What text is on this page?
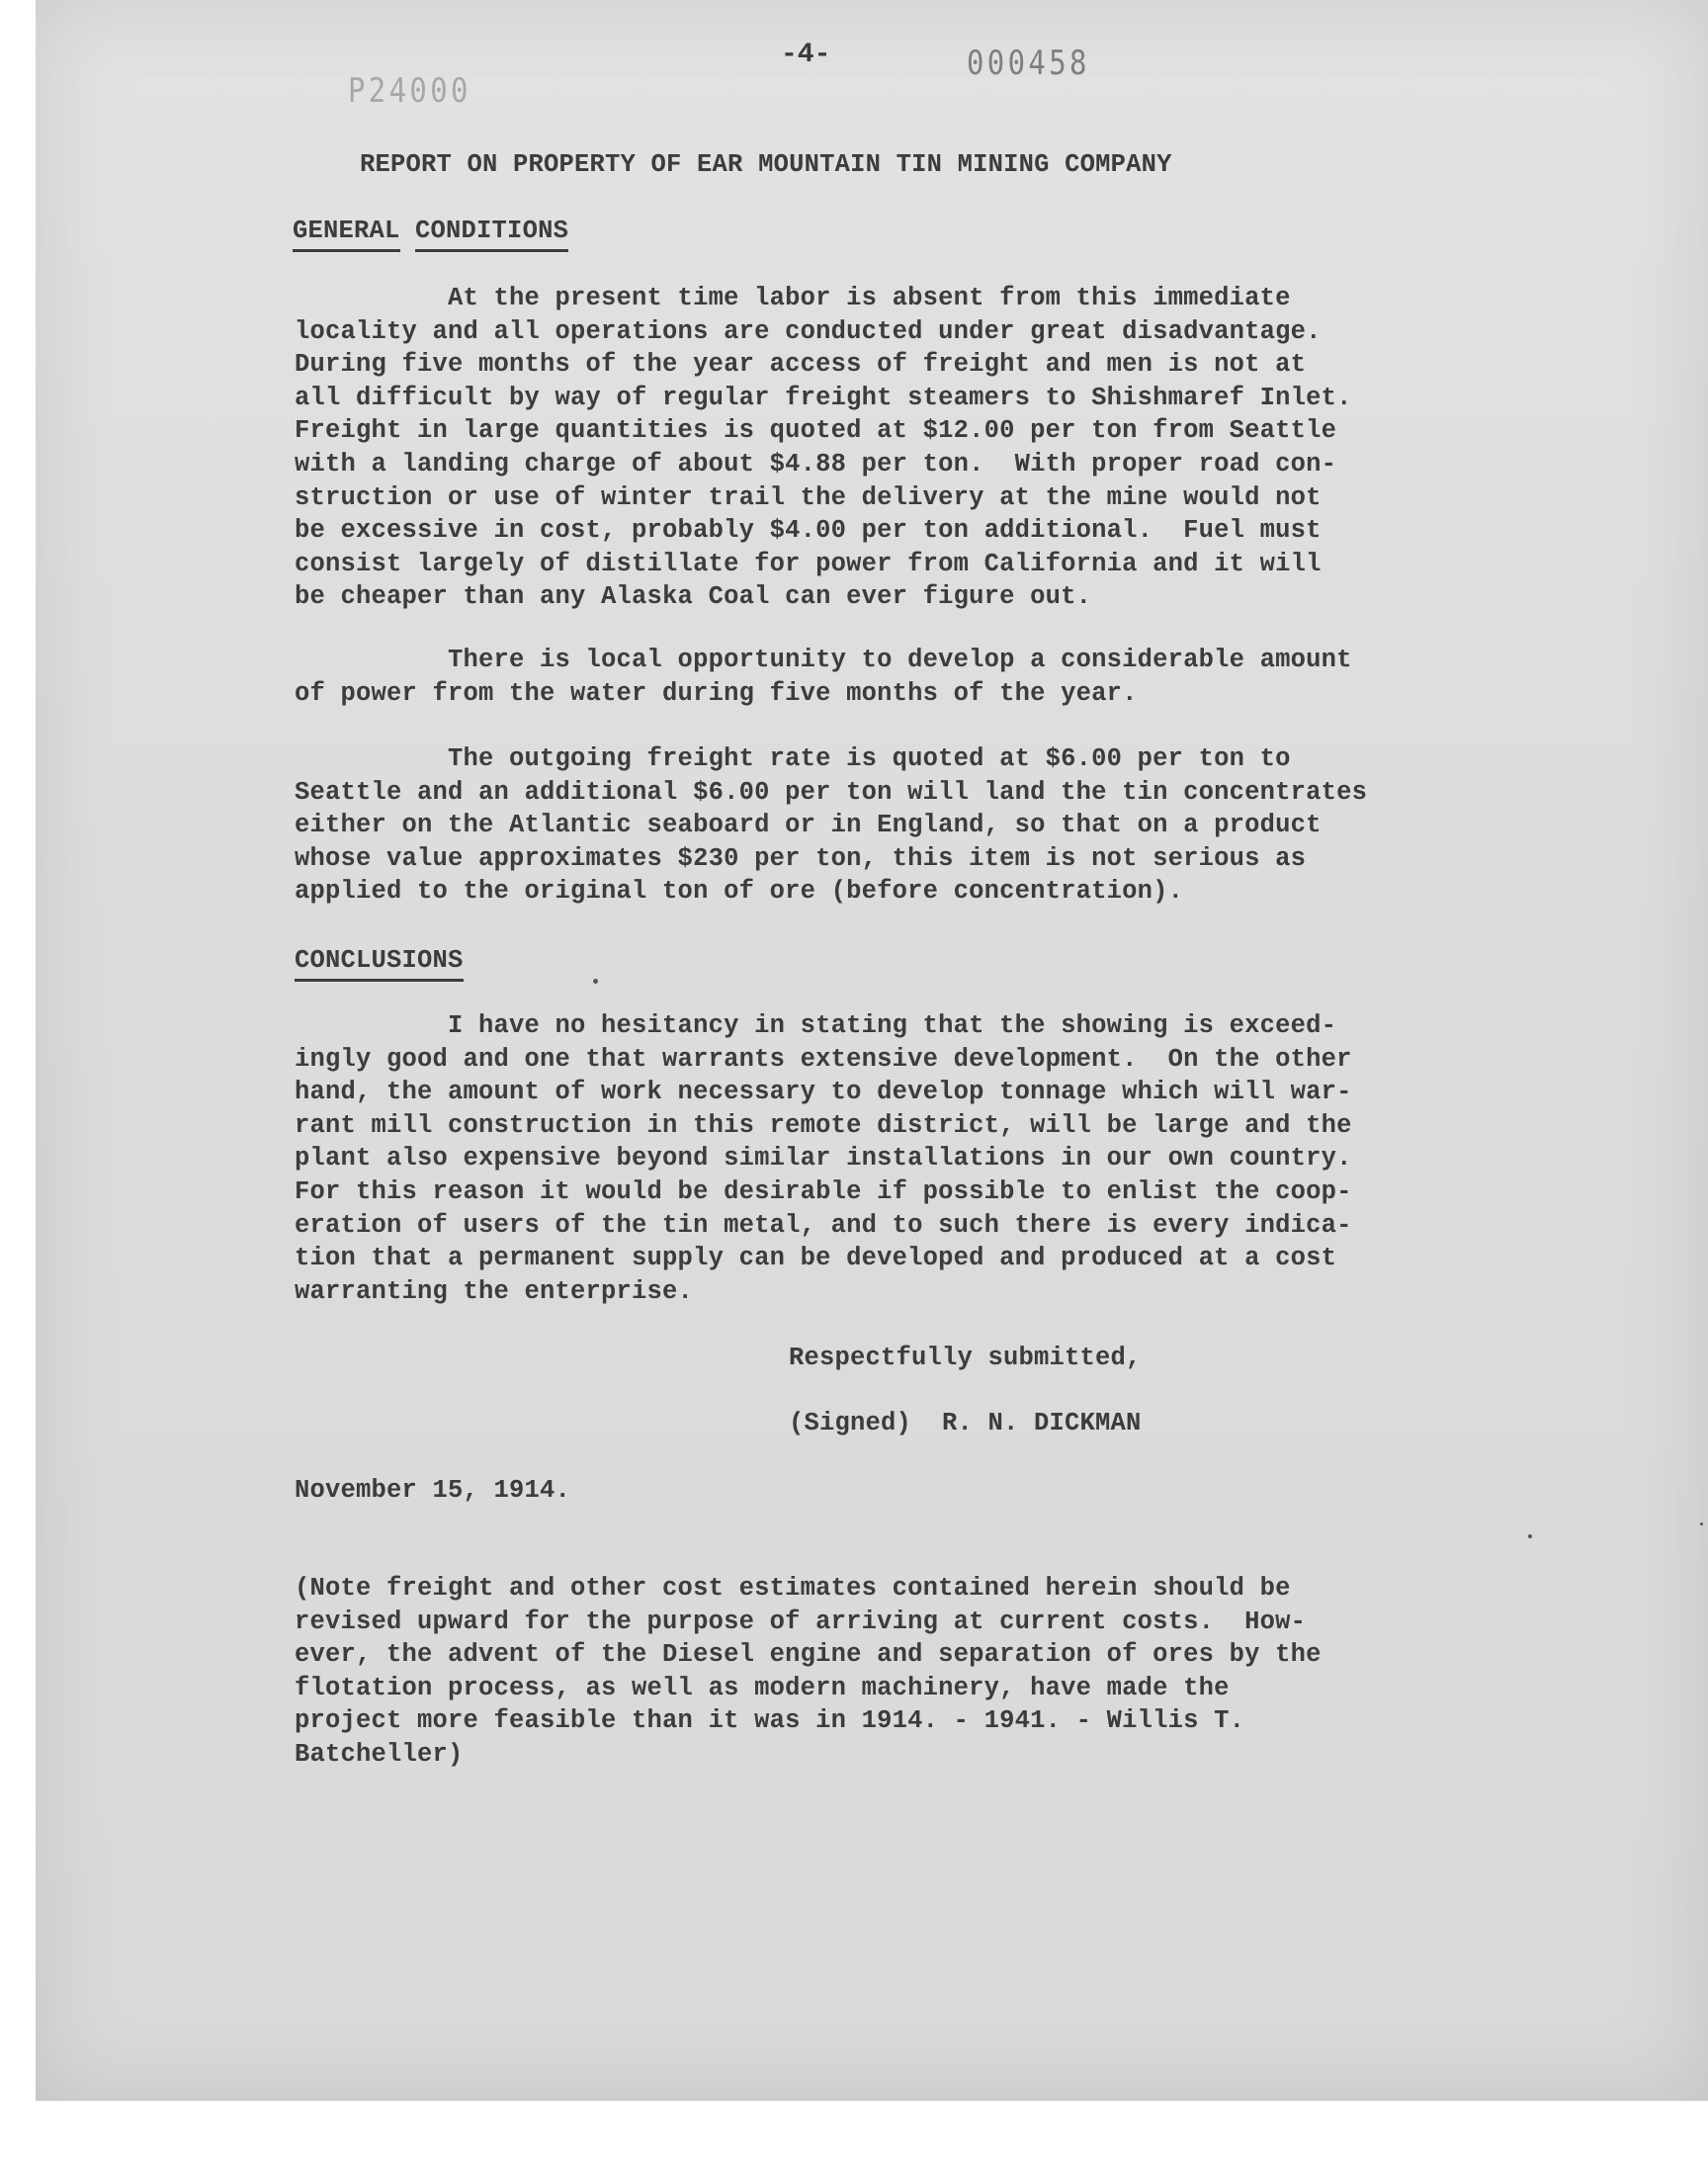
P24000
-4-	000458
REPORT ON PROPERTY OF EAR MOUNTAIN TIN MINING COMPANY
GENERAL CONDITIONS
At the present time labor is absent from this immediate
locality and all operations are conducted under great disadvantage.
During five months of the year access of freight and men is not at
all difficult by way of regular freight steamers to Shishmaref Inlet.
Freight in large quantities is quoted at $12.00 per ton from Seattle
with a landing charge of about $4.88 per ton.  With proper road con-
struction or use of winter trail the delivery at the mine would not
be excessive in cost, probably $4.00 per ton additional.  Fuel must
consist largely of distillate for power from California and it will
be cheaper than any Alaska Coal can ever figure out.
There is local opportunity to develop a considerable amount
of power from the water during five months of the year.
The outgoing freight rate is quoted at $6.00 per ton to
Seattle and an additional $6.00 per ton will land the tin concentrates
either on the Atlantic seaboard or in England, so that on a product
whose value approximates $230 per ton, this item is not serious as
applied to the original ton of ore (before concentration).
CONCLUSIONS
I have no hesitancy in stating that the showing is exceed-
ingly good and one that warrants extensive development.  On the other
hand, the amount of work necessary to develop tonnage which will war-
rant mill construction in this remote district, will be large and the
plant also expensive beyond similar installations in our own country.
For this reason it would be desirable if possible to enlist the coop-
eration of users of the tin metal, and to such there is every indica-
tion that a permanent supply can be developed and produced at a cost
warranting the enterprise.
Respectfully submitted,
(Signed)  R. N. DICKMAN
November 15, 1914.
(Note freight and other cost estimates contained herein should be
revised upward for the purpose of arriving at current costs.  How-
ever, the advent of the Diesel engine and separation of ores by the
flotation process, as well as modern machinery, have made the
project more feasible than it was in 1914. - 1941. - Willis T.
Batcheller)
